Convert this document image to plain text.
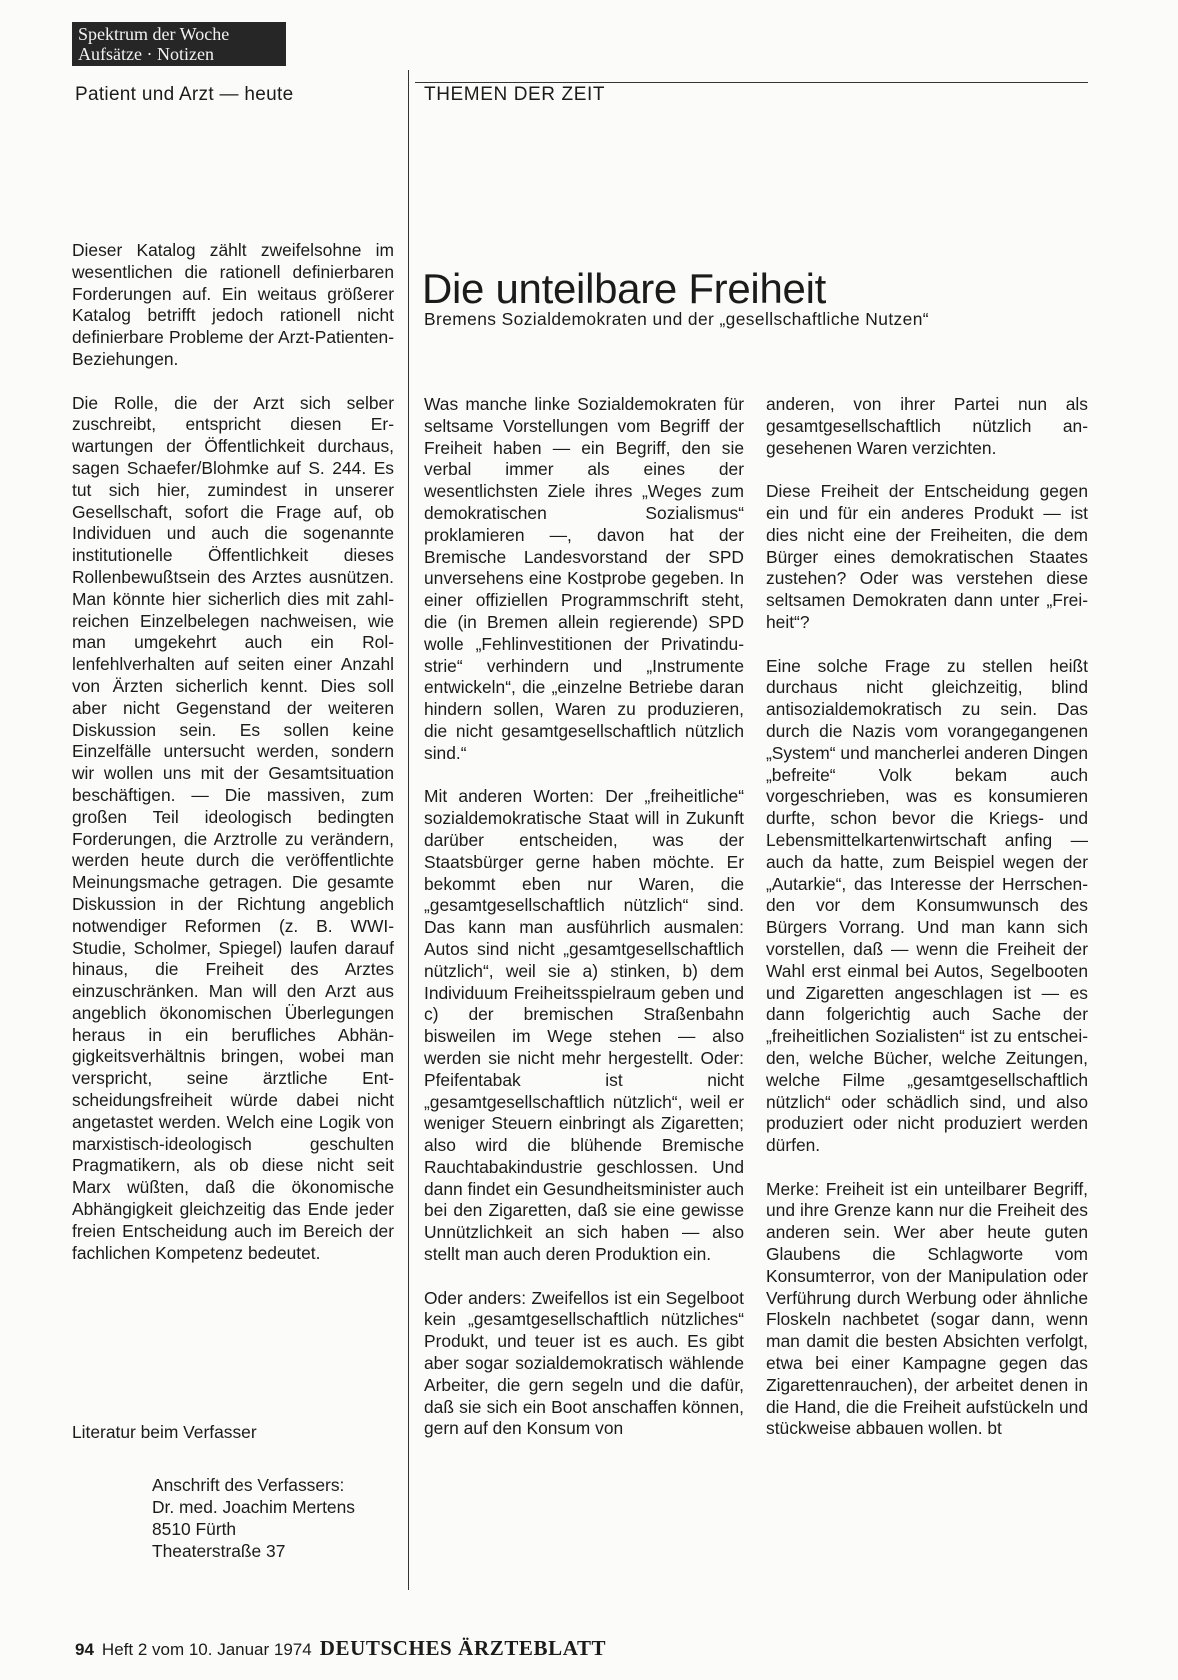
Spektrum der Woche
Aufsätze · Notizen
Patient und Arzt — heute	THEMEN DER ZEIT

Dieser Katalog zählt zweifelsohne im wesentlichen die rationell definierbaren Forderungen auf. Ein weitaus größerer Katalog betrifft jedoch rationell nicht definierbare Probleme der Arzt-Patienten-Beziehungen.

Die Rolle, die der Arzt sich selber zuschreibt, entspricht diesen Erwartungen der Öffentlichkeit durchaus, sagen Schaefer/Blohmke auf S. 244. Es tut sich hier, zumindest in unserer Gesellschaft, sofort die Frage auf, ob Individuen und auch die sogenannte institutionelle Öffentlichkeit dieses Rollenbewußtsein des Arztes ausnützen. Man könnte hier sicherlich dies mit zahlreichen Einzelbelegen nachweisen, wie man umgekehrt auch ein Rollenfehlverhalten auf seiten einer Anzahl von Ärzten sicherlich kennt. Dies soll aber nicht Gegenstand der weiteren Diskussion sein. Es sollen keine Einzelfälle untersucht werden, sondern wir wollen uns mit der Gesamtsituation beschäftigen. — Die massiven, zum großen Teil ideologisch bedingten Forderungen, die Arztrolle zu verändern, werden heute durch die veröffentlichte Meinungsmache getragen. Die gesamte Diskussion in der Richtung angeblich notwendiger Reformen (z. B. WWI-Studie, Scholmer, Spiegel) laufen darauf hinaus, die Freiheit des Arztes einzuschränken. Man will den Arzt aus angeblich ökonomischen Überlegungen heraus in ein berufliches Abhängigkeitsverhältnis bringen, wobei man verspricht, seine ärztliche Entscheidungsfreiheit würde dabei nicht angetastet werden. Welch eine Logik von marxistisch-ideologisch geschulten Pragmatikern, als ob diese nicht seit Marx wüßten, daß die ökonomische Abhängigkeit gleichzeitig das Ende jeder freien Entscheidung auch im Bereich der fachlichen Kompetenz bedeutet.

Literatur beim Verfasser
Anschrift des Verfassers:
Dr. med. Joachim Mertens
8510 Fürth
Theaterstraße 37
Die unteilbare Freiheit
Bremens Sozialdemokraten und der „gesellschaftliche Nutzen“

Was manche linke Sozialdemokraten für seltsame Vorstellungen vom Begriff der Freiheit haben — ein Begriff, den sie verbal immer als eines der wesentlichsten Ziele ihres „Weges zum demokratischen Sozialismus“ proklamieren —, davon hat der Bremische Landesvorstand der SPD unversehens eine Kostprobe gegeben. In einer offiziellen Programmschrift steht, die (in Bremen allein regierende) SPD wolle „Fehlinvestitionen der Privatindustrie“ verhindern und „Instrumente entwickeln“, die „einzelne Betriebe daran hindern sollen, Waren zu produzieren, die nicht gesamtgesellschaftlich nützlich sind.“

Mit anderen Worten: Der „freiheitliche“ sozialdemokratische Staat will in Zukunft darüber entscheiden, was der Staatsbürger gerne haben möchte. Er bekommt eben nur Waren, die „gesamtgesellschaftlich nützlich“ sind. Das kann man ausführlich ausmalen: Autos sind nicht „gesamtgesellschaftlich nützlich“, weil sie a) stinken, b) dem Individuum Freiheitsspielraum geben und c) der bremischen Straßenbahn bisweilen im Wege stehen — also werden sie nicht mehr hergestellt. Oder: Pfeifentabak ist nicht „gesamtgesellschaftlich nützlich“, weil er weniger Steuern einbringt als Zigaretten; also wird die blühende Bremische Rauchtabakindustrie geschlossen. Und dann findet ein Gesundheitsminister auch bei den Zigaretten, daß sie eine gewisse Unnützlichkeit an sich haben — also stellt man auch deren Produktion ein.

Oder anders: Zweifellos ist ein Segelboot kein „gesamtgesellschaftlich nützliches“ Produkt, und teuer ist es auch. Es gibt aber sogar sozialdemokratisch wählende Arbeiter, die gern segeln und die dafür, daß sie sich ein Boot anschaffen können, gern auf den Konsum von

anderen, von ihrer Partei nun als gesamtgesellschaftlich nützlich angesehenen Waren verzichten.

Diese Freiheit der Entscheidung gegen ein und für ein anderes Produkt — ist dies nicht eine der Freiheiten, die dem Bürger eines demokratischen Staates zustehen? Oder was verstehen diese seltsamen Demokraten dann unter „Freiheit“?

Eine solche Frage zu stellen heißt durchaus nicht gleichzeitig, blind antisozialdemokratisch zu sein. Das durch die Nazis vom vorangegangenen „System“ und mancherlei anderen Dingen „befreite“ Volk bekam auch vorgeschrieben, was es konsumieren durfte, schon bevor die Kriegs- und Lebensmittelkartenwirtschaft anfing — auch da hatte, zum Beispiel wegen der „Autarkie“, das Interesse der Herrschenden vor dem Konsumwunsch des Bürgers Vorrang. Und man kann sich vorstellen, daß — wenn die Freiheit der Wahl erst einmal bei Autos, Segelbooten und Zigaretten angeschlagen ist — es dann folgerichtig auch Sache der „freiheitlichen Sozialisten“ ist zu entscheiden, welche Bücher, welche Zeitungen, welche Filme „gesamtgesellschaftlich nützlich“ oder schädlich sind, und also produziert oder nicht produziert werden dürfen.

Merke: Freiheit ist ein unteilbarer Begriff, und ihre Grenze kann nur die Freiheit des anderen sein. Wer aber heute guten Glaubens die Schlagworte vom Konsumterror, von der Manipulation oder Verführung durch Werbung oder ähnliche Floskeln nachbetet (sogar dann, wenn man damit die besten Absichten verfolgt, etwa bei einer Kampagne gegen das Zigarettenrauchen), der arbeitet denen in die Hand, die die Freiheit aufstückeln und stückweise abbauen wollen. bt

94 Heft 2 vom 10. Januar 1974 DEUTSCHES ÄRZTEBLATT
